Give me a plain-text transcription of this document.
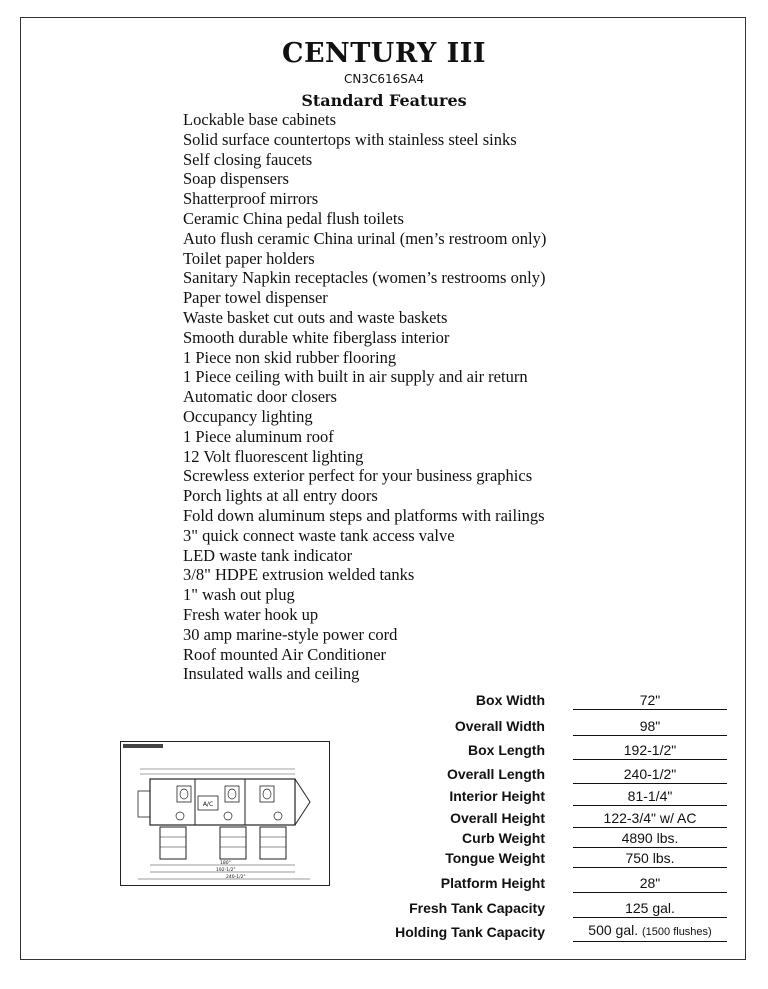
CENTURY III
CN3C616SA4
Standard Features
Lockable base cabinets
Solid surface countertops with stainless steel sinks
Self closing faucets
Soap dispensers
Shatterproof mirrors
Ceramic China pedal flush toilets
Auto flush ceramic China urinal (men’s restroom only)
Toilet paper holders
Sanitary Napkin receptacles (women’s restrooms only)
Paper towel dispenser
Waste basket cut outs and waste baskets
Smooth durable white fiberglass interior
1 Piece non skid rubber flooring
1 Piece ceiling with built in air supply and air return
Automatic door closers
Occupancy lighting
1 Piece aluminum roof
12 Volt fluorescent lighting
Screwless exterior perfect for your business graphics
Porch lights at all entry doors
Fold down aluminum steps and platforms with railings
3" quick connect waste tank access valve
LED waste tank indicator
3/8" HDPE extrusion welded tanks
1" wash out plug
Fresh water hook up
30 amp marine-style power cord
Roof mounted Air Conditioner
Insulated walls and ceiling
A/C
180"
192-1/2"
240-1/2"
Box Width	72"
Overall Width	98"
Box Length	192-1/2"
Overall Length	240-1/2"
Interior Height	81-1/4"
Overall Height	122-3/4" w/ AC
Curb Weight	4890 lbs.
Tongue Weight	750 lbs.
Platform Height	28"
Fresh Tank Capacity	125 gal.
Holding Tank Capacity	500 gal. (1500 flushes)
